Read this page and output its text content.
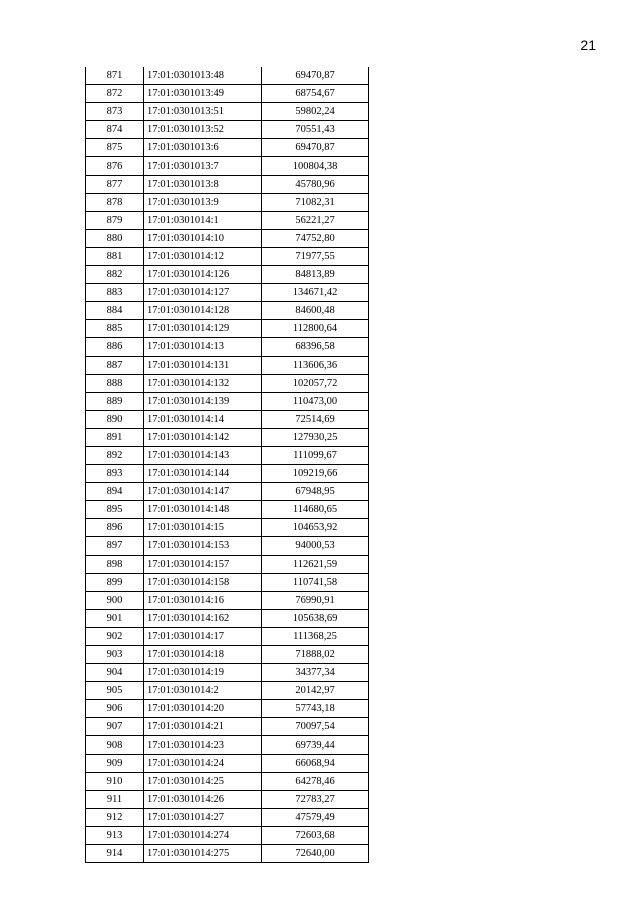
21
871	17:01:0301013:48	69470,87
872	17:01:0301013:49	68754,67
873	17:01:0301013:51	59802,24
874	17:01:0301013:52	70551,43
875	17:01:0301013:6	69470,87
876	17:01:0301013:7	100804,38
877	17:01:0301013:8	45780,96
878	17:01:0301013:9	71082,31
879	17:01:0301014:1	56221,27
880	17:01:0301014:10	74752,80
881	17:01:0301014:12	71977,55
882	17:01:0301014:126	84813,89
883	17:01:0301014:127	134671,42
884	17:01:0301014:128	84600,48
885	17:01:0301014:129	112800,64
886	17:01:0301014:13	68396,58
887	17:01:0301014:131	113606,36
888	17:01:0301014:132	102057,72
889	17:01:0301014:139	110473,00
890	17:01:0301014:14	72514,69
891	17:01:0301014:142	127930,25
892	17:01:0301014:143	111099,67
893	17:01:0301014:144	109219,66
894	17:01:0301014:147	67948,95
895	17:01:0301014:148	114680,65
896	17:01:0301014:15	104653,92
897	17:01:0301014:153	94000,53
898	17:01:0301014:157	112621,59
899	17:01:0301014:158	110741,58
900	17:01:0301014:16	76990,91
901	17:01:0301014:162	105638,69
902	17:01:0301014:17	111368,25
903	17:01:0301014:18	71888,02
904	17:01:0301014:19	34377,34
905	17:01:0301014:2	20142,97
906	17:01:0301014:20	57743,18
907	17:01:0301014:21	70097,54
908	17:01:0301014:23	69739,44
909	17:01:0301014:24	66068,94
910	17:01:0301014:25	64278,46
911	17:01:0301014:26	72783,27
912	17:01:0301014:27	47579,49
913	17:01:0301014:274	72603,68
914	17:01:0301014:275	72640,00
